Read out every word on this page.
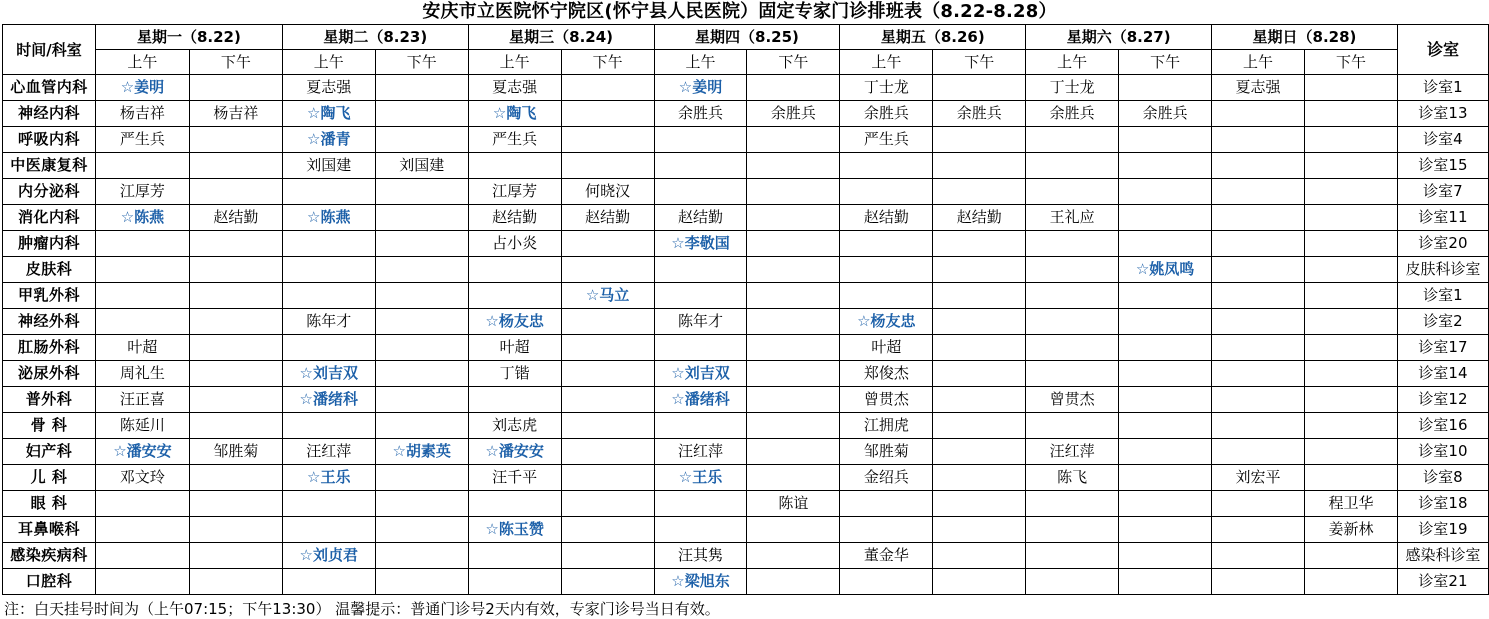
安庆市立医院怀宁院区(怀宁县人民医院）固定专家门诊排班表（8.22-8.28）
时间/科室	星期一（8.22)		星期二（8.23)		星期三（8.24)		星期四（8.25)		星期五（8.26)		星期六（8.27)		星期日（8.28)		诊室
	上午	下午	上午	下午	上午	下午	上午	下午	上午	下午	上午	下午	上午	下午	
心血管内科	☆姜明		夏志强		夏志强		☆姜明		丁士龙		丁士龙		夏志强		诊室1
神经内科	杨吉祥	杨吉祥	☆陶飞		☆陶飞		余胜兵	余胜兵	余胜兵	余胜兵	余胜兵	余胜兵			诊室13
呼吸内科	严生兵		☆潘青		严生兵				严生兵						诊室4
中医康复科			刘国建	刘国建											诊室15
内分泌科	江厚芳				江厚芳	何晓汉									诊室7
消化内科	☆陈燕	赵结勤	☆陈燕		赵结勤	赵结勤	赵结勤		赵结勤	赵结勤	王礼应				诊室11
肿瘤内科					占小炎		☆李敬国								诊室20
皮肤科												☆姚凤鸣			皮肤科诊室
甲乳外科						☆马立									诊室1
神经外科			陈年才		☆杨友忠		陈年才		☆杨友忠						诊室2
肛肠外科	叶超				叶超				叶超						诊室17
泌尿外科	周礼生		☆刘吉双		丁锴		☆刘吉双		郑俊杰						诊室14
普外科	汪正喜		☆潘绪科				☆潘绪科		曾贯杰		曾贯杰				诊室12
骨 科	陈延川				刘志虎				江拥虎						诊室16
妇产科	☆潘安安	邹胜菊	汪红萍	☆胡素英	☆潘安安		汪红萍		邹胜菊		汪红萍				诊室10
儿 科	邓文玲		☆王乐		汪千平		☆王乐		金绍兵		陈飞		刘宏平		诊室8
眼 科								陈谊						程卫华	诊室18
耳鼻喉科					☆陈玉赞									姜新林	诊室19
感染疾病科			☆刘贞君				汪其隽		董金华						感染科诊室
口腔科							☆梁旭东								诊室21
注：白天挂号时间为（上午07:15；下午13:30） 温馨提示：普通门诊号2天内有效，专家门诊号当日有效。
